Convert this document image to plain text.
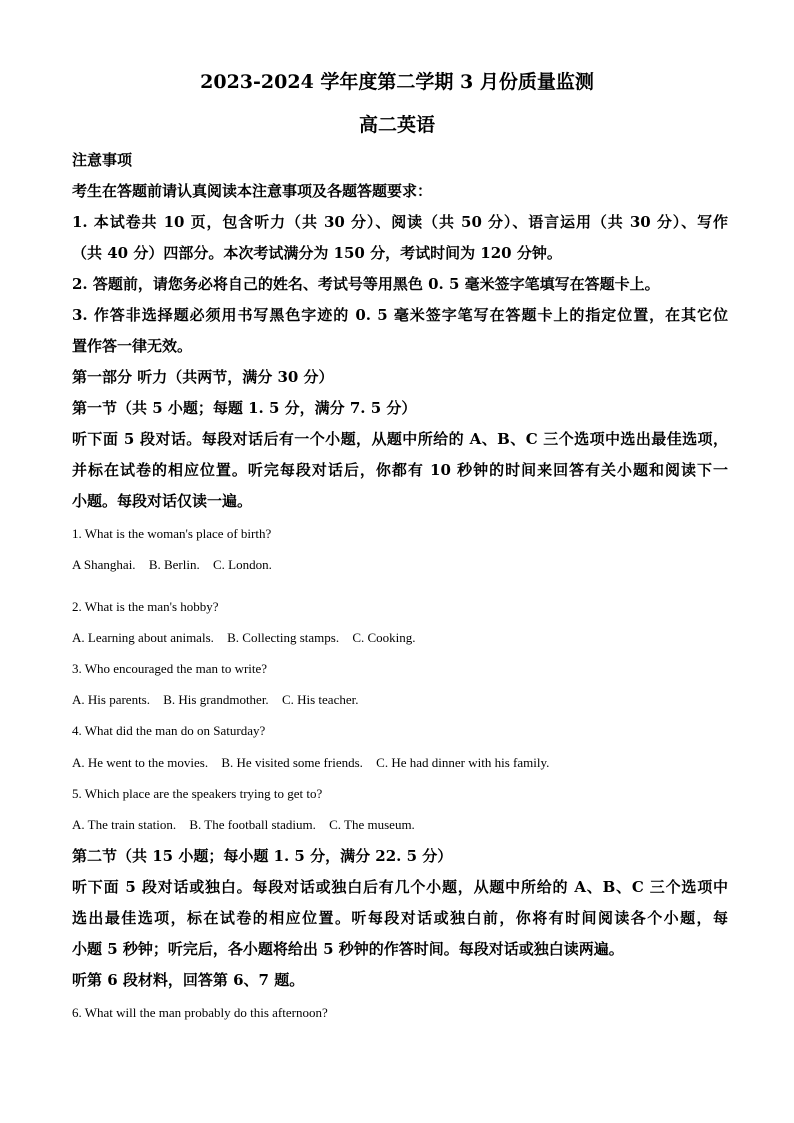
2023-2024 学年度第二学期 3 月份质量监测
高二英语
注意事项
考生在答题前请认真阅读本注意事项及各题答题要求：
1. 本试卷共 10 页，包含听力（共 30 分）、阅读（共 50 分）、语言运用（共 30 分）、写作
（共 40 分）四部分。本次考试满分为 150 分，考试时间为 120 分钟。
2. 答题前，请您务必将自己的姓名、考试号等用黑色 0. 5 毫米签字笔填写在答题卡上。
3. 作答非选择题必须用书写黑色字迹的 0. 5 毫米签字笔写在答题卡上的指定位置，在其它位
置作答一律无效。
第一部分 听力（共两节，满分 30 分）
第一节（共 5 小题；每题 1. 5 分，满分 7. 5 分）
听下面 5 段对话。每段对话后有一个小题，从题中所给的 A、B、C 三个选项中选出最佳选项，
并标在试卷的相应位置。听完每段对话后，你都有 10 秒钟的时间来回答有关小题和阅读下一
小题。每段对话仅读一遍。
1. What is the woman's place of birth?
A Shanghai. B. Berlin. C. London.
2. What is the man's hobby?
A. Learning about animals. B. Collecting stamps. C. Cooking.
3. Who encouraged the man to write?
A. His parents. B. His grandmother. C. His teacher.
4. What did the man do on Saturday?
A. He went to the movies. B. He visited some friends. C. He had dinner with his family.
5. Which place are the speakers trying to get to?
A. The train station. B. The football stadium. C. The museum.
第二节（共 15 小题；每小题 1. 5 分，满分 22. 5 分）
听下面 5 段对话或独白。每段对话或独白后有几个小题，从题中所给的 A、B、C 三个选项中
选出最佳选项，标在试卷的相应位置。听每段对话或独白前，你将有时间阅读各个小题，每
小题 5 秒钟；听完后，各小题将给出 5 秒钟的作答时间。每段对话或独白读两遍。
听第 6 段材料，回答第 6、7 题。
6. What will the man probably do this afternoon?
